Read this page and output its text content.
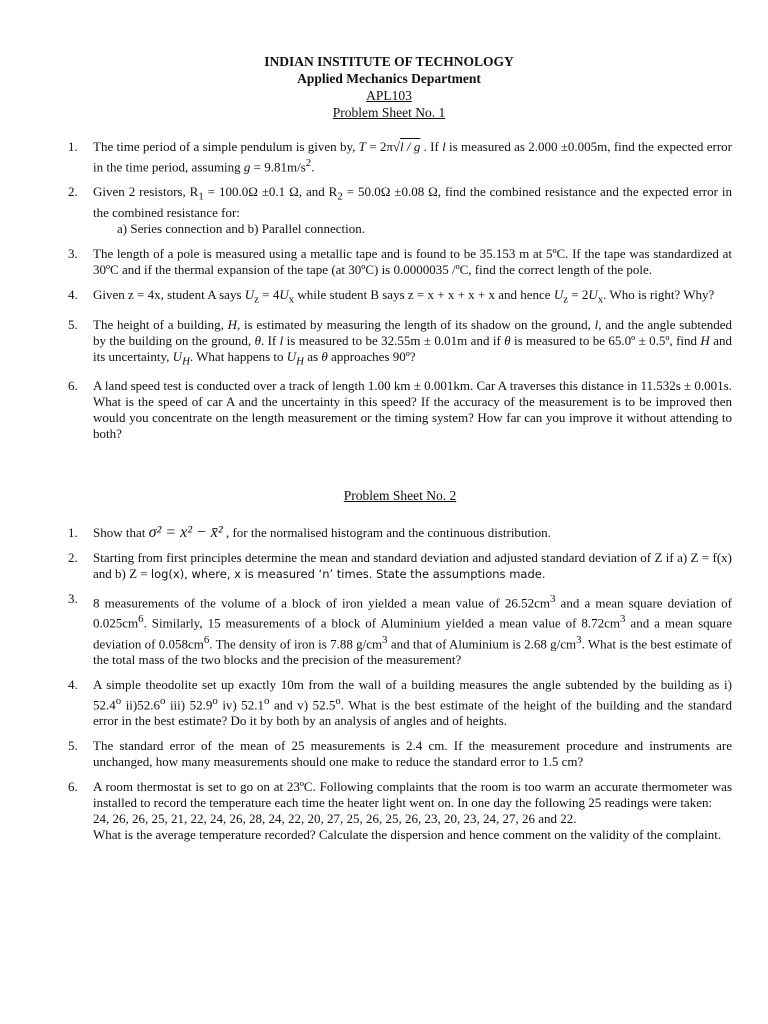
INDIAN INSTITUTE OF TECHNOLOGY
Applied Mechanics Department
APL103
Problem Sheet No. 1
1. The time period of a simple pendulum is given by, T = 2π√l / g . If l is measured as 2.000 ±0.005m, find the expected error in the time period, assuming $g = 9.81m/s^2$.
2. Given 2 resistors, $R_1 = 100.0\Omega \pm 0.1$ Ω, and $R_2 = 50.0\Omega \pm 0.08$ Ω, find the combined resistance and the expected error in the combined resistance for:
a) Series connection and b) Parallel connection.
3. The length of a pole is measured using a metallic tape and is found to be 35.153 m at 5ºC. If the tape was standardized at 30ºC and if the thermal expansion of the tape (at 30ºC) is 0.0000035 /ºC, find the correct length of the pole.
4. Given z = 4x, student A says $U_z = 4U_x$ while student B says z = x + x + x + x and hence $U_z = 2U_x$. Who is right? Why?
5. The height of a building, H, is estimated by measuring the length of its shadow on the ground, l, and the angle subtended by the building on the ground, θ. If l is measured to be 32.55m ± 0.01m and if θ is measured to be 65.0º ± 0.5º, find H and its uncertainty, $U_H$. What happens to $U_H$ as θ approaches 90º?
6. A land speed test is conducted over a track of length 1.00 km ± 0.001km. Car A traverses this distance in 11.532s ± 0.001s. What is the speed of car A and the uncertainty in this speed? If the accuracy of the measurement is to be improved then would you concentrate on the length measurement or the timing system? How far can you improve it without attending to both?
Problem Sheet No. 2
1. Show that σ² = x² − x̄² , for the normalised histogram and the continuous distribution.
2. Starting from first principles determine the mean and standard deviation and adjusted standard deviation of Z if a) Z = f(x) and b) Z = log(x), where, x is measured ‘n’ times. State the assumptions made.
3. 8 measurements of the volume of a block of iron yielded a mean value of $26.52cm^3$ and a mean square deviation of $0.025cm^6$. Similarly, 15 measurements of a block of Aluminium yielded a mean value of $8.72cm^3$ and a mean square deviation of $0.058cm^6$. The density of iron is 7.88 $g/cm^3$ and that of Aluminium is 2.68 $g/cm^3$. What is the best estimate of the total mass of the two blocks and the precision of the measurement?
4. A simple theodolite set up exactly 10m from the wall of a building measures the angle subtended by the building as i) 52.4$^o$ ii)52.6$^o$ iii) 52.9$^o$ iv) 52.1$^o$ and v) 52.5$^o$. What is the best estimate of the height of the building and the standard error in the best estimate? Do it by both by an analysis of angles and of heights.
5. The standard error of the mean of 25 measurements is 2.4 cm. If the measurement procedure and instruments are unchanged, how many measurements should one make to reduce the standard error to 1.5 cm?
6. A room thermostat is set to go on at 23ºC. Following complaints that the room is too warm an accurate thermometer was installed to record the temperature each time the heater light went on. In one day the following 25 readings were taken:
24, 26, 26, 25, 21, 22, 24, 26, 28, 24, 22, 20, 27, 25, 26, 25, 26, 23, 20, 23, 24, 27, 26 and 22.
What is the average temperature recorded? Calculate the dispersion and hence comment on the validity of the complaint.
